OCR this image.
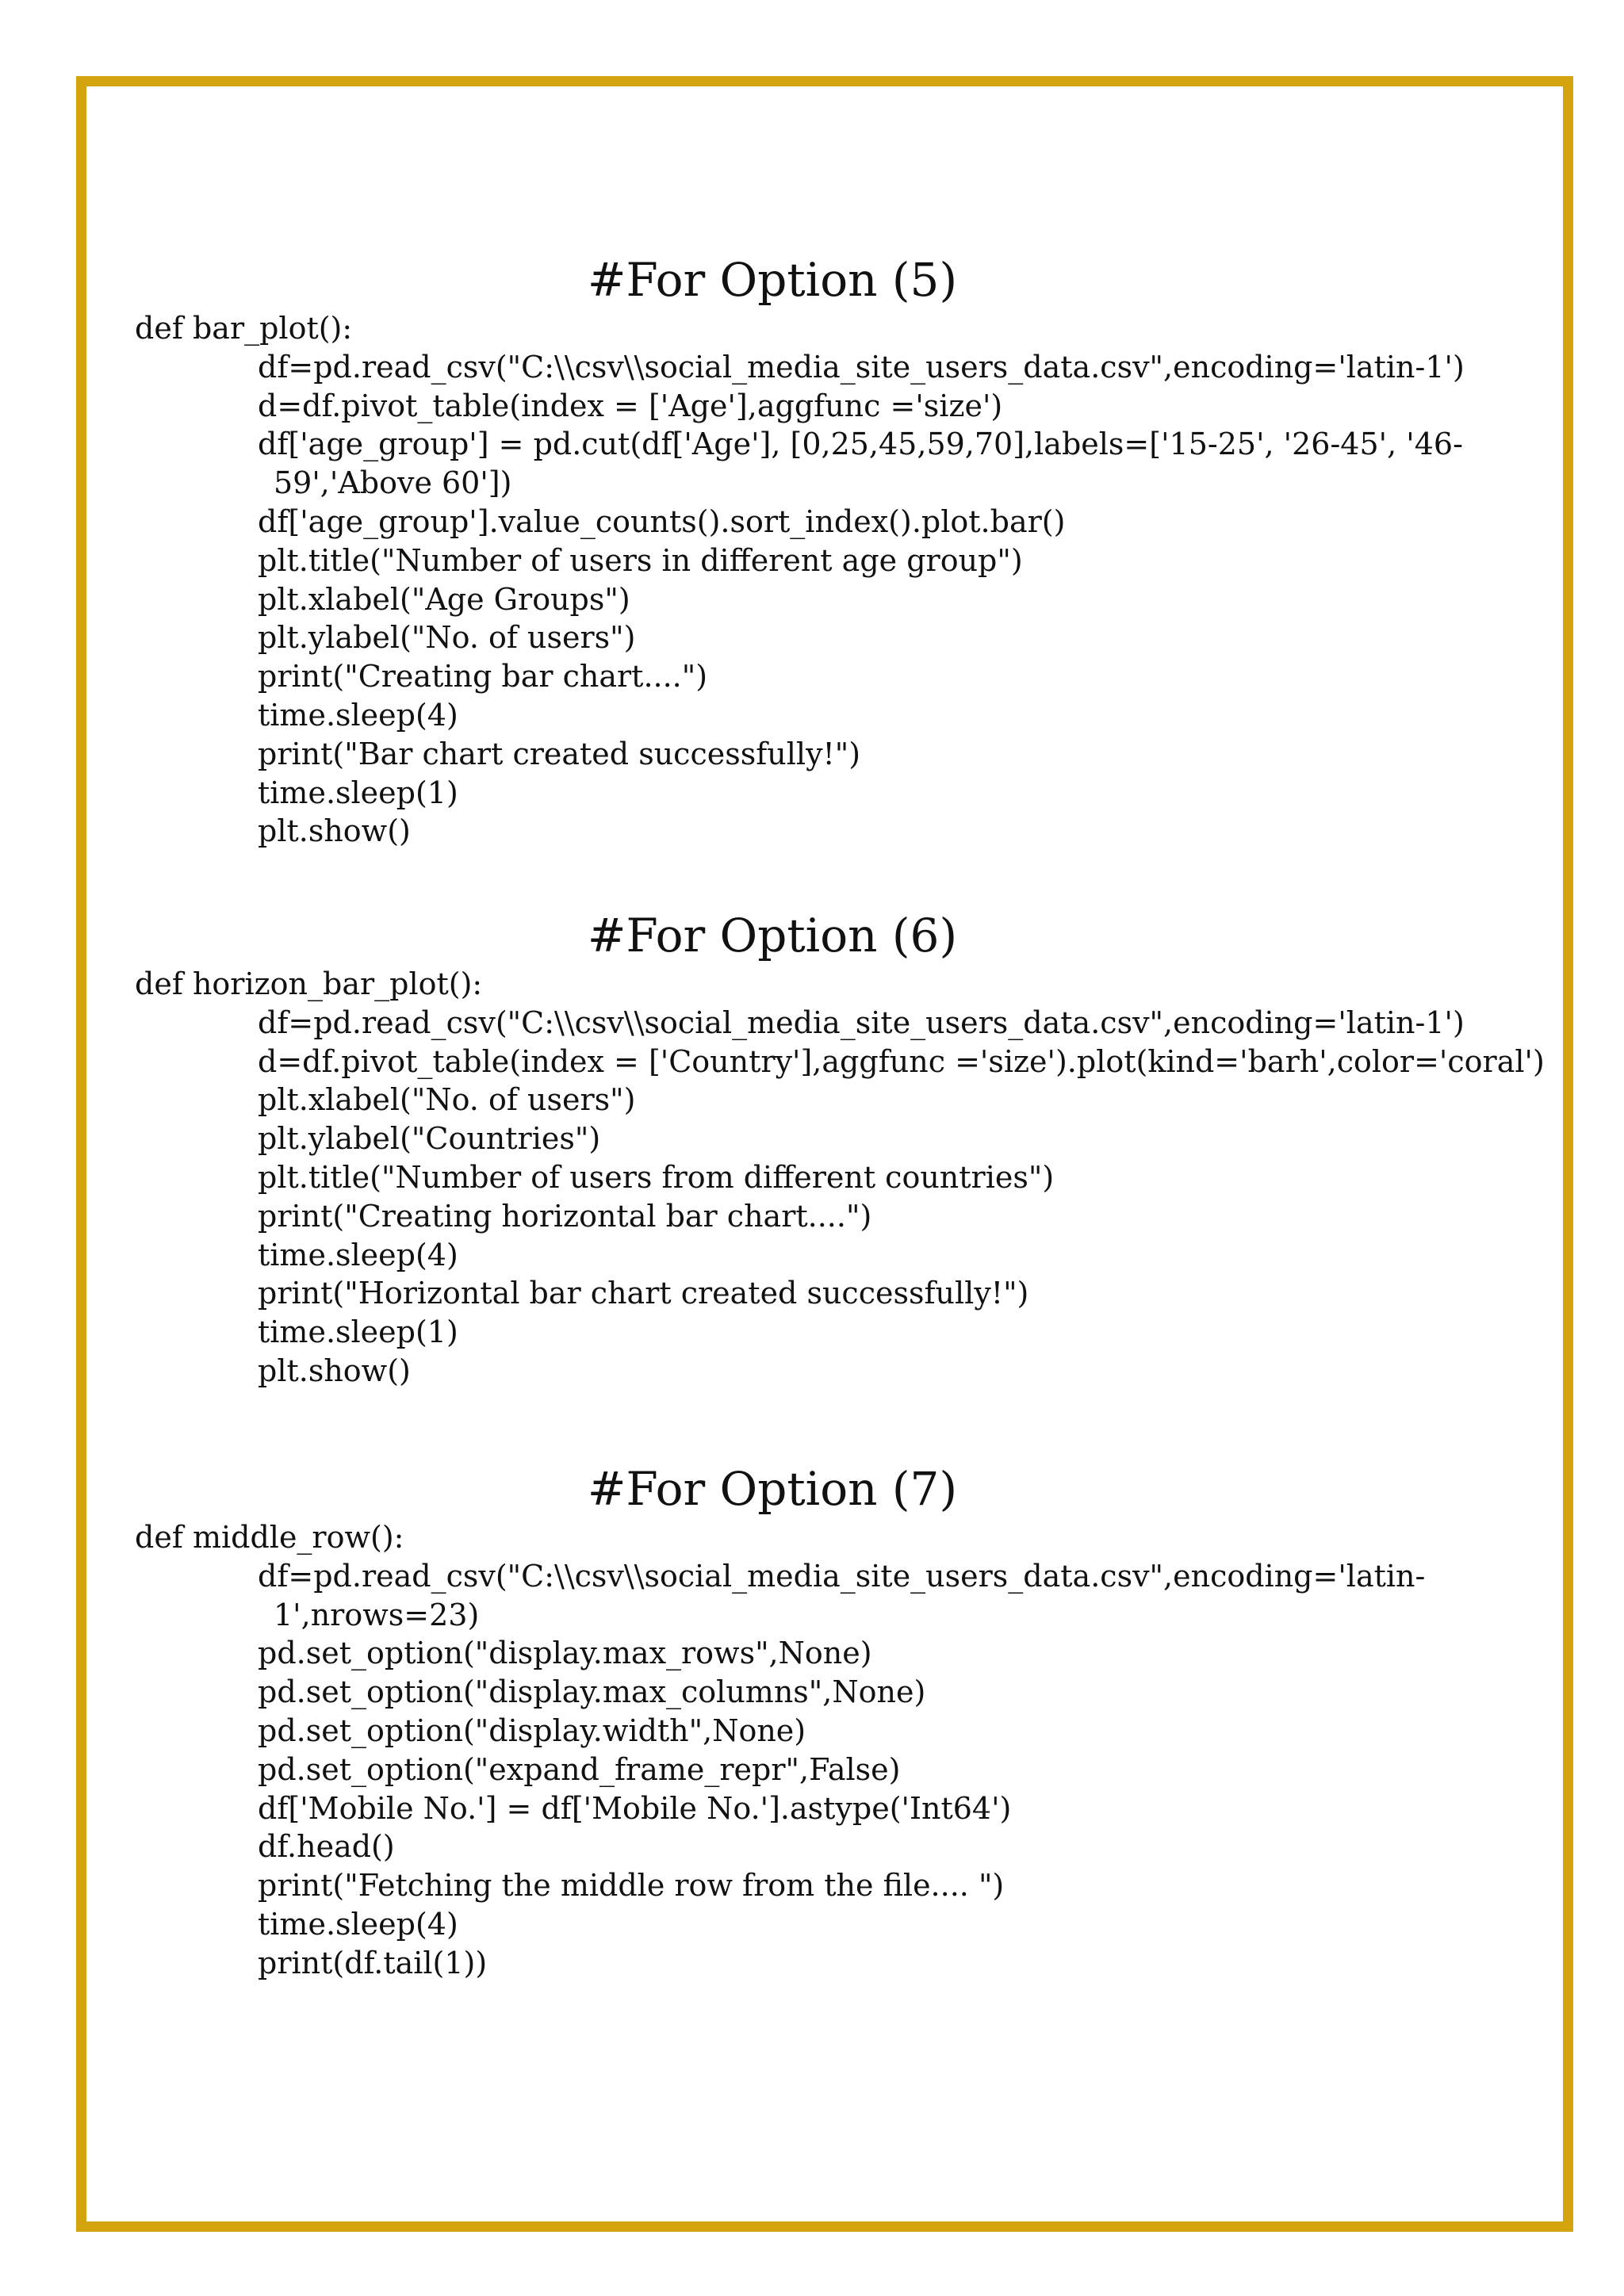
#For Option (5)
def bar_plot():
df=pd.read_csv("C:\\csv\\social_media_site_users_data.csv",encoding='latin-1')
d=df.pivot_table(index = ['Age'],aggfunc ='size')
df['age_group'] = pd.cut(df['Age'], [0,25,45,59,70],labels=['15-25', '26-45', '46-
59','Above 60'])
df['age_group'].value_counts().sort_index().plot.bar()
plt.title("Number of users in different age group")
plt.xlabel("Age Groups")
plt.ylabel("No. of users")
print("Creating bar chart....")
time.sleep(4)
print("Bar chart created successfully!")
time.sleep(1)
plt.show()
#For Option (6)
def horizon_bar_plot():
df=pd.read_csv("C:\\csv\\social_media_site_users_data.csv",encoding='latin-1')
d=df.pivot_table(index = ['Country'],aggfunc ='size').plot(kind='barh',color='coral')
plt.xlabel("No. of users")
plt.ylabel("Countries")
plt.title("Number of users from different countries")
print("Creating horizontal bar chart....")
time.sleep(4)
print("Horizontal bar chart created successfully!")
time.sleep(1)
plt.show()
#For Option (7)
def middle_row():
df=pd.read_csv("C:\\csv\\social_media_site_users_data.csv",encoding='latin-
1',nrows=23)
pd.set_option("display.max_rows",None)
pd.set_option("display.max_columns",None)
pd.set_option("display.width",None)
pd.set_option("expand_frame_repr",False)
df['Mobile No.'] = df['Mobile No.'].astype('Int64')
df.head()
print("Fetching the middle row from the file.... ")
time.sleep(4)
print(df.tail(1))
